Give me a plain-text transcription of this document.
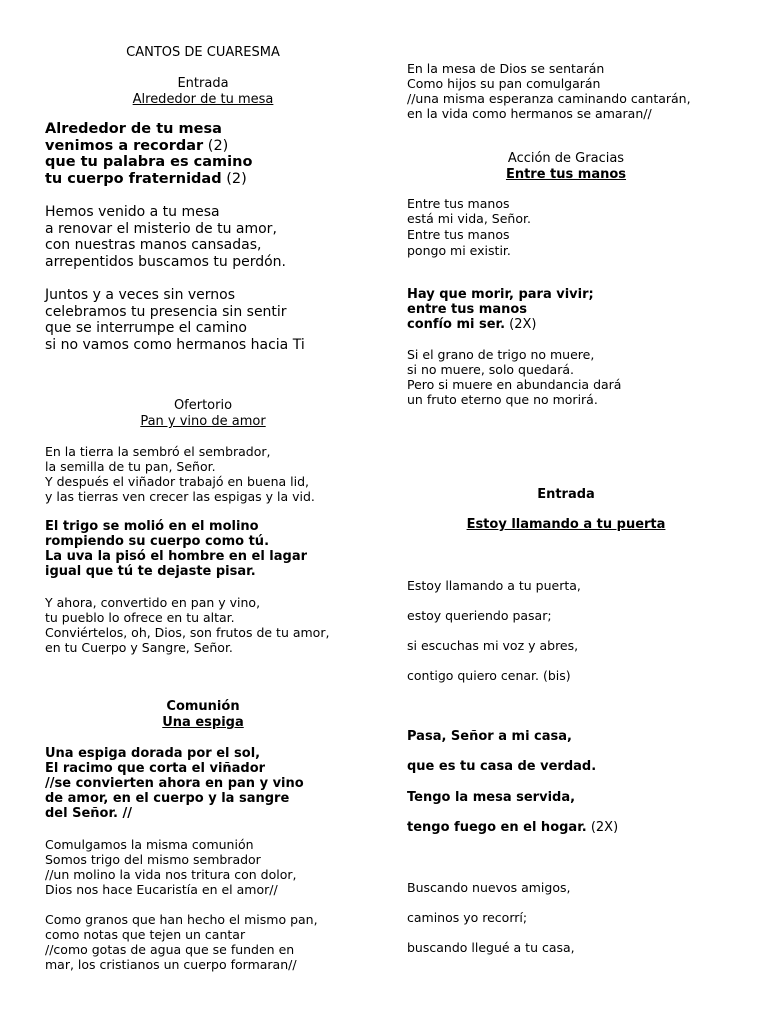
CANTOS DE CUARESMA
Entrada
Alrededor de tu mesa
Alrededor de tu mesa
venimos a recordar (2)
que tu palabra es camino
tu cuerpo fraternidad (2)
Hemos venido a tu mesa
a renovar el misterio de tu amor,
con nuestras manos cansadas,
arrepentidos buscamos tu perdón.
Juntos y a veces sin vernos
celebramos tu presencia sin sentir
que se interrumpe el camino
si no vamos como hermanos hacia Ti
Ofertorio
Pan y vino de amor
En la tierra la sembró el sembrador,
la semilla de tu pan, Señor.
Y después el viñador trabajó en buena lid,
y las tierras ven crecer las espigas y la vid.
El trigo se molió en el molino
rompiendo su cuerpo como tú.
La uva la pisó el hombre en el lagar
igual que tú te dejaste pisar.
Y ahora, convertido en pan y vino,
tu pueblo lo ofrece en tu altar.
Conviértelos, oh, Dios, son frutos de tu amor,
en tu Cuerpo y Sangre, Señor.
Comunión
Una espiga
Una espiga dorada por el sol,
El racimo que corta el viñador
//se convierten ahora en pan y vino
de amor, en el cuerpo y la sangre
del Señor. //
Comulgamos la misma comunión
Somos trigo del mismo sembrador
//un molino la vida nos tritura con dolor,
Dios nos hace Eucaristía en el amor//
Como granos que han hecho el mismo pan,
como notas que tejen un cantar
//como gotas de agua que se funden en
mar, los cristianos un cuerpo formaran//
En la mesa de Dios se sentarán
Como hijos su pan comulgarán
//una misma esperanza caminando cantarán,
en la vida como hermanos se amaran//
Acción de Gracias
Entre tus manos
Entre tus manos
está mi vida, Señor.
Entre tus manos
pongo mi existir.
Hay que morir, para vivir;
entre tus manos
confío mi ser. (2X)
Si el grano de trigo no muere,
si no muere, solo quedará.
Pero si muere en abundancia dará
un fruto eterno que no morirá.
Entrada
Estoy llamando a tu puerta
Estoy llamando a tu puerta,
estoy queriendo pasar;
si escuchas mi voz y abres,
contigo quiero cenar. (bis)
Pasa, Señor a mi casa,
que es tu casa de verdad.
Tengo la mesa servida,
tengo fuego en el hogar. (2X)
Buscando nuevos amigos,
caminos yo recorrí;
buscando llegué a tu casa,
